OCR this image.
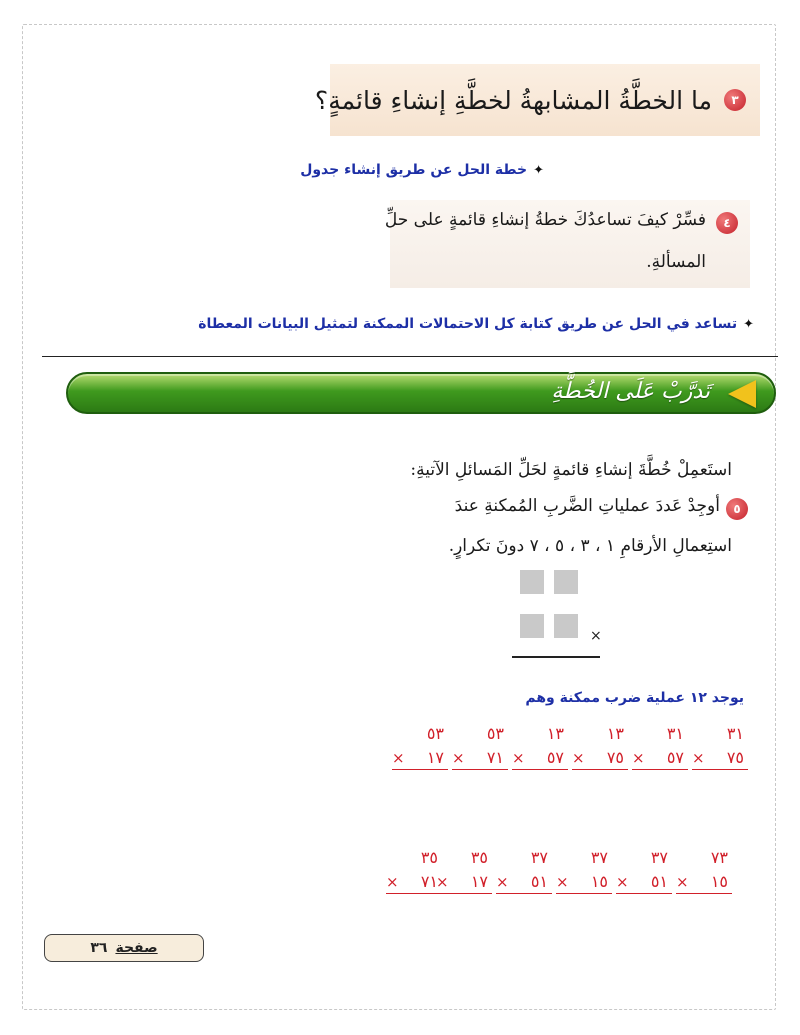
٣
ما الخطَّةُ المشابهةُ لخطَّةِ إنشاءِ قائمةٍ؟
✦خطة الحل عن طريق إنشاء جدول
٤
فسِّرْ كيفَ تساعدُكَ خطةُ إنشاءِ قائمةٍ على حلِّ
المسألةِ.
✦تساعد في الحل عن طريق كتابة كل الاحتمالات الممكنة لتمثيل البيانات المعطاة
تَدرَّبْ عَلَى الخُطَّةِ
استَعمِلْ خُطَّةَ إنشاءِ قائمةٍ لحَلِّ المَسائلِ الآتيةِ:
٥
أوجِدْ عَددَ عملياتِ الضَّربِ المُمكنةِ عندَ
استِعمالِ الأرقامِ ١ ، ٣ ، ٥ ، ٧ دونَ تكرارٍ.
×
يوجد ١٢ عملية ضرب ممكنة وهم
٣١
× ٧٥
٣١
× ٥٧
١٣
× ٧٥
١٣
× ٥٧
٥٣
× ٧١
٥٣
× ١٧
٧٣
× ١٥
٣٧
× ٥١
٣٧
× ١٥
٣٧
× ٥١
٣٥
× ١٧
٣٥
× ٧١
صفحة
٣٦
